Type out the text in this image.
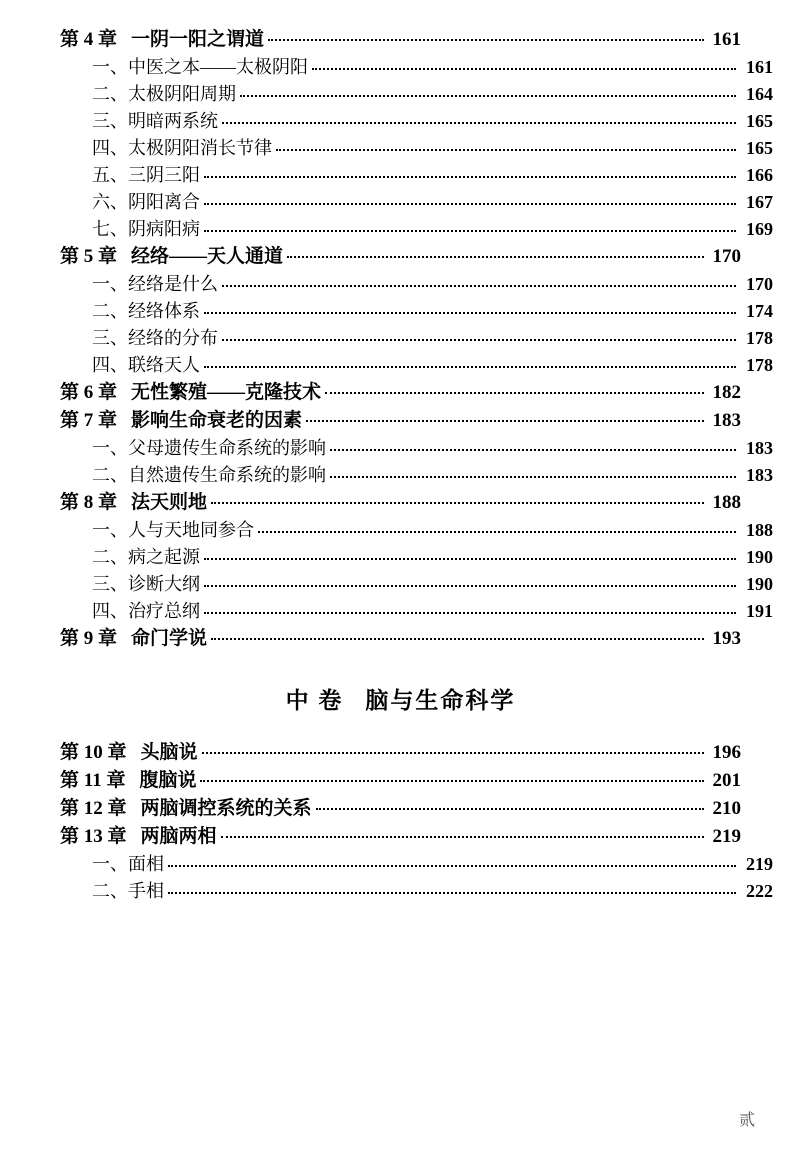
第 4 章 一阴一阳之谓道	161
一、中医之本——太极阴阳	161
二、太极阴阳周期	164
三、明暗两系统	165
四、太极阴阳消长节律	165
五、三阴三阳	166
六、阴阳离合	167
七、阴病阳病	169
第 5 章 经络——天人通道	170
一、经络是什么	170
二、经络体系	174
三、经络的分布	178
四、联络天人	178
第 6 章 无性繁殖——克隆技术	182
第 7 章 影响生命衰老的因素	183
一、父母遗传生命系统的影响	183
二、自然遗传生命系统的影响	183
第 8 章 法天则地	188
一、人与天地同参合	188
二、病之起源	190
三、诊断大纲	190
四、治疗总纲	191
第 9 章 命门学说	193
中 卷 脑与生命科学
第 10 章 头脑说	196
第 11 章 腹脑说	201
第 12 章 两脑调控系统的关系	210
第 13 章 两脑两相	219
一、面相	219
二、手相	222
贰
